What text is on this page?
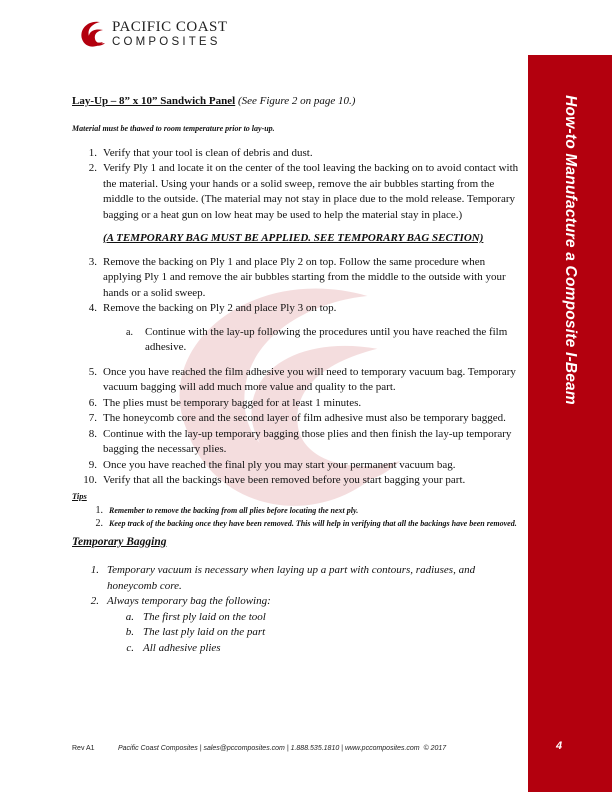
PACIFIC COAST
COMPOSITES
How-to Manufacture a Composite I-Beam
4

Lay-Up – 8” x 10” Sandwich Panel (See Figure 2 on page 10.)

Material must be thawed to room temperature prior to lay-up.

1. Verify that your tool is clean of debris and dust.
2. Verify Ply 1 and locate it on the center of the tool leaving the backing on to avoid contact with the material. Using your hands or a solid sweep, remove the air bubbles starting from the middle to the outside. (The material may not stay in place due to the mold release. Temporary bagging or a heat gun on low heat may be used to help the material stay in place.)

(A TEMPORARY BAG MUST BE APPLIED. SEE TEMPORARY BAG SECTION)

3. Remove the backing on Ply 1 and place Ply 2 on top. Follow the same procedure when applying Ply 1 and remove the air bubbles starting from the middle to the outside with your hands or a solid sweep.
4. Remove the backing on Ply 2 and place Ply 3 on top.
a. Continue with the lay-up following the procedures until you have reached the film adhesive.
5. Once you have reached the film adhesive you will need to temporary vacuum bag. Temporary vacuum bagging will add much more value and quality to the part.
6. The plies must be temporary bagged for at least 1 minutes.
7. The honeycomb core and the second layer of film adhesive must also be temporary bagged.
8. Continue with the lay-up temporary bagging those plies and then finish the lay-up temporary bagging the necessary plies.
9. Once you have reached the final ply you may start your permanent vacuum bag.
10. Verify that all the backings have been removed before you start bagging your part.
Tips
1. Remember to remove the backing from all plies before locating the next ply.
2. Keep track of the backing once they have been removed. This will help in verifying that all the backings have been removed.
Temporary Bagging
1. Temporary vacuum is necessary when laying up a part with contours, radiuses, and honeycomb core.
2. Always temporary bag the following:
a. The first ply laid on the tool
b. The last ply laid on the part
c. All adhesive plies
Rev A1	Pacific Coast Composites | sales@pccomposites.com | 1.888.535.1810 | www.pccomposites.com  © 2017
